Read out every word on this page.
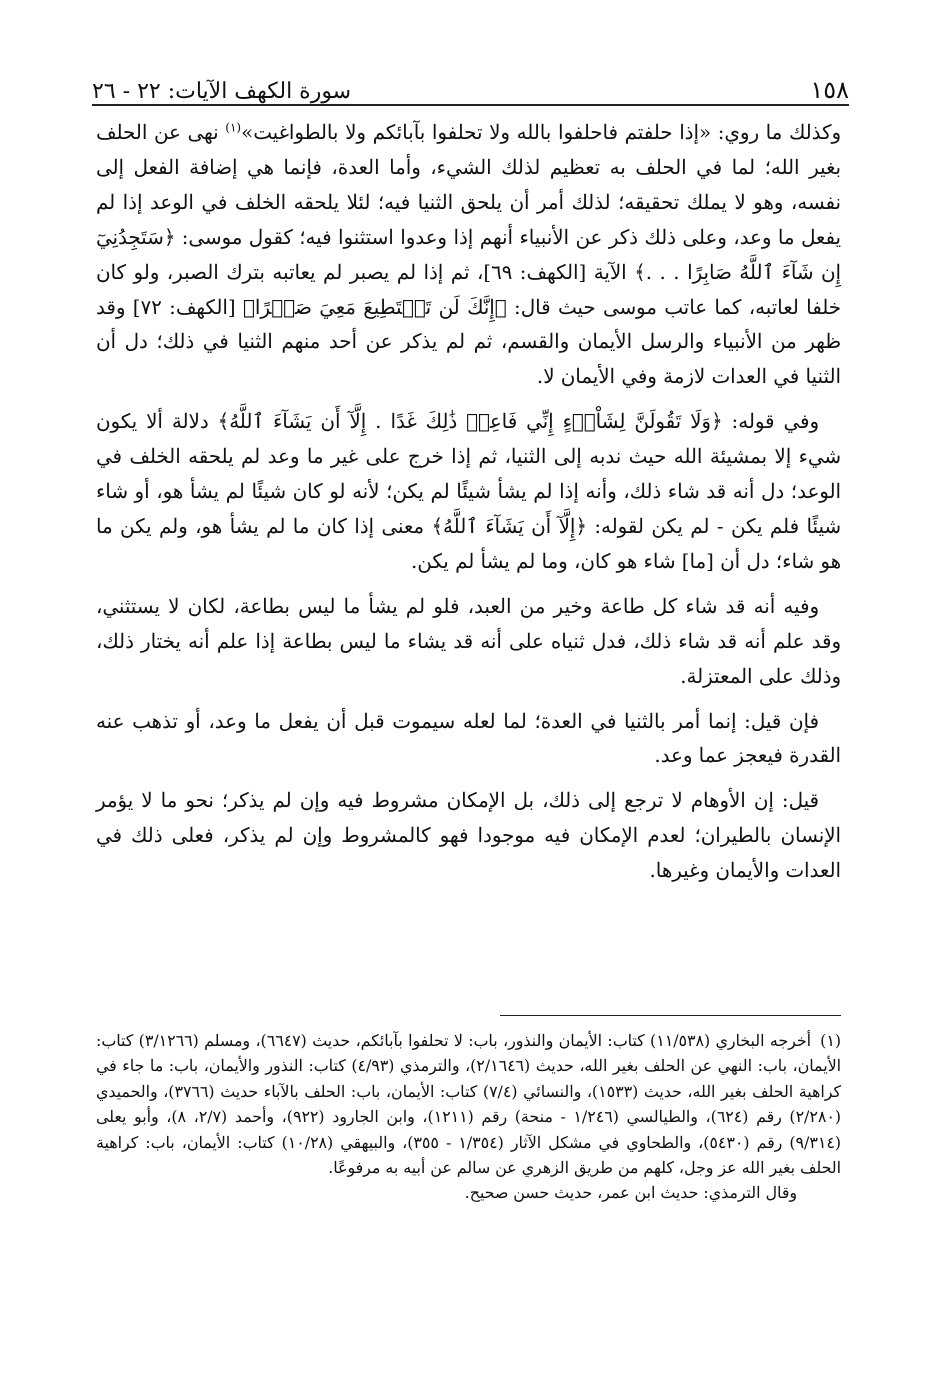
١٥٨
سورة الكهف الآيات: ٢٢ - ٢٦

وكذلك ما روي: «إذا حلفتم فاحلفوا بالله ولا تحلفوا بآبائكم ولا بالطواغيت»$^{(١)}$ نهى عن الحلف بغير الله؛ لما في الحلف به تعظيم لذلك الشيء، وأما العدة، فإنما هي إضافة الفعل إلى نفسه، وهو لا يملك تحقيقه؛ لذلك أمر أن يلحق الثنيا فيه؛ لئلا يلحقه الخلف في الوعد إذا لم يفعل ما وعد، وعلى ذلك ذكر عن الأنبياء أنهم إذا وعدوا استثنوا فيه؛ كقول موسى: ﴿سَتَجِدُنِيٓ إِن شَآءَ ٱللَّهُ صَابِرًا . . .﴾ الآية [الكهف: ٦٩]، ثم إذا لم يصبر لم يعاتبه بترك الصبر، ولو كان خلفا لعاتبه، كما عاتب موسى حيث قال: ﴿إِنَّكَ لَن تَسۡتَطِيعَ مَعِيَ صَبۡرًا﴾ [الكهف: ٧٢] وقد ظهر من الأنبياء والرسل الأيمان والقسم، ثم لم يذكر عن أحد منهم الثنيا في ذلك؛ دل أن الثنيا في العدات لازمة وفي الأيمان لا.

وفي قوله: ﴿وَلَا تَقُولَنَّ لِشَاْيۡءٍ إِنِّي فَاعِلٞ ذَٰلِكَ غَدًا . إِلَّآ أَن يَشَآءَ ٱللَّهُ﴾ دلالة ألا يكون شيء إلا بمشيئة الله حيث ندبه إلى الثنيا، ثم إذا خرج على غير ما وعد لم يلحقه الخلف في الوعد؛ دل أنه قد شاء ذلك، وأنه إذا لم يشأ شيئًا لم يكن؛ لأنه لو كان شيئًا لم يشأ هو، أو شاء شيئًا فلم يكن - لم يكن لقوله: ﴿إِلَّآ أَن يَشَآءَ ٱللَّهُ﴾ معنى إذا كان ما لم يشأ هو، ولم يكن ما هو شاء؛ دل أن [ما] شاء هو كان، وما لم يشأ لم يكن.

وفيه أنه قد شاء كل طاعة وخير من العبد، فلو لم يشأ ما ليس بطاعة، لكان لا يستثني، وقد علم أنه قد شاء ذلك، فدل ثنياه على أنه قد يشاء ما ليس بطاعة إذا علم أنه يختار ذلك، وذلك على المعتزلة.

فإن قيل: إنما أمر بالثنيا في العدة؛ لما لعله سيموت قبل أن يفعل ما وعد، أو تذهب عنه القدرة فيعجز عما وعد.

قيل: إن الأوهام لا ترجع إلى ذلك، بل الإمكان مشروط فيه وإن لم يذكر؛ نحو ما لا يؤمر الإنسان بالطيران؛ لعدم الإمكان فيه موجودا فهو كالمشروط وإن لم يذكر، فعلى ذلك في العدات والأيمان وغيرها.

(١)أخرجه البخاري (١١/٥٣٨) كتاب: الأيمان والنذور، باب: لا تحلفوا بآبائكم، حديث (٦٦٤٧)، ومسلم (٣/١٢٦٦) كتاب: الأيمان، باب: النهي عن الحلف بغير الله، حديث (٢/١٦٤٦)، والترمذي (٤/٩٣) كتاب: النذور والأيمان، باب: ما جاء في كراهية الحلف بغير الله، حديث (١٥٣٣)، والنسائي (٧/٤) كتاب: الأيمان، باب: الحلف بالآباء حديث (٣٧٦٦)، والحميدي (٢/٢٨٠) رقم (٦٢٤)، والطيالسي (١/٢٤٦ - منحة) رقم (١٢١١)، وابن الجارود (٩٢٢)، وأحمد (٢/٧، ٨)، وأبو يعلى (٩/٣١٤) رقم (٥٤٣٠)، والطحاوي في مشكل الآثار (١/٣٥٤ - ٣٥٥)، والبيهقي (١٠/٢٨) كتاب: الأيمان، باب: كراهية الحلف بغير الله عز وجل، كلهم من طريق الزهري عن سالم عن أبيه به مرفوعًا.

وقال الترمذي: حديث ابن عمر، حديث حسن صحيح.
